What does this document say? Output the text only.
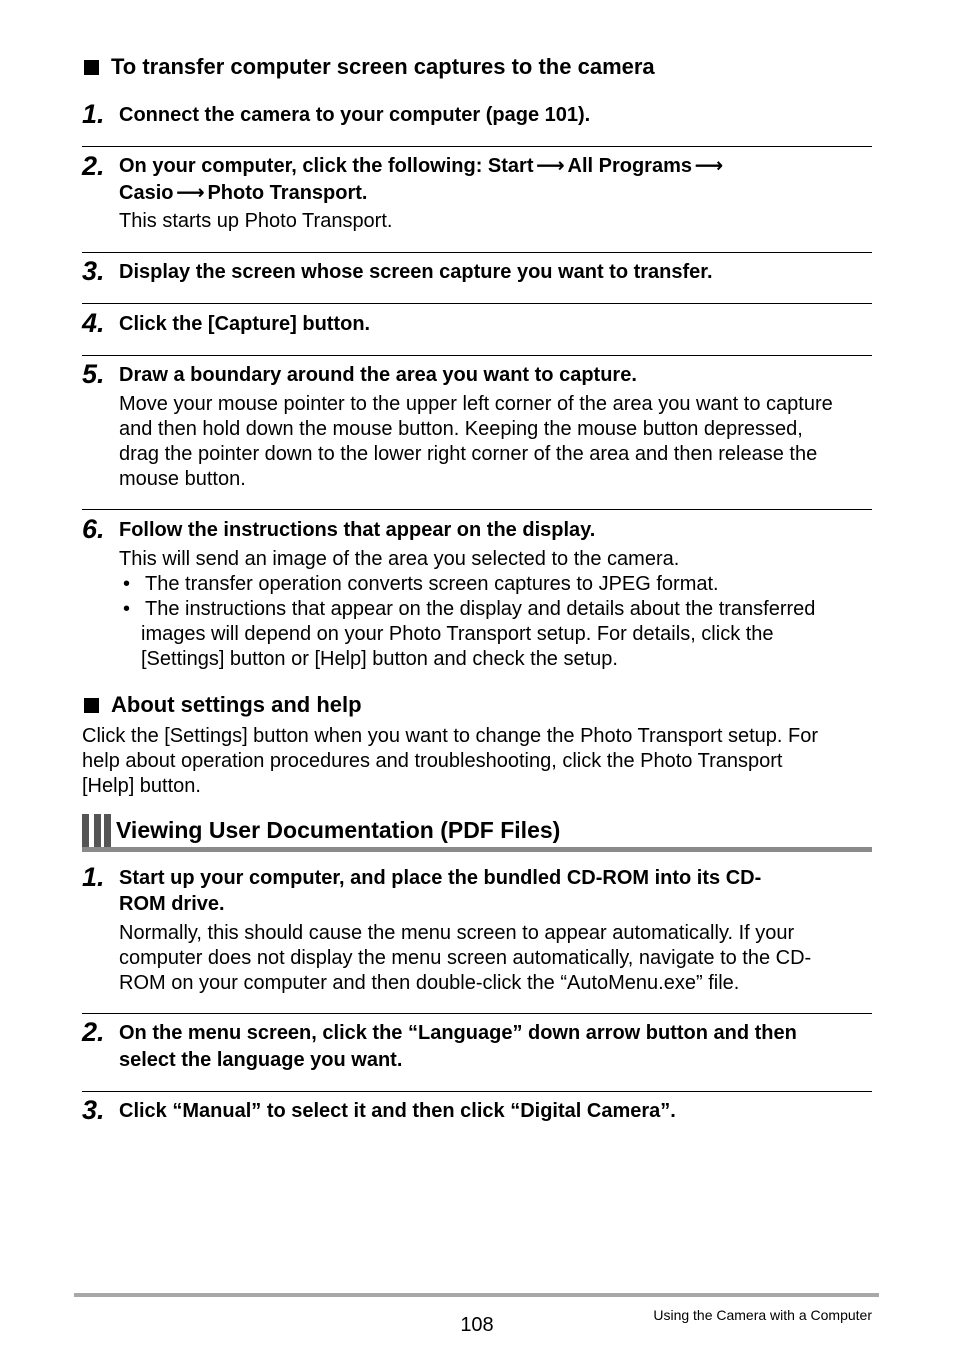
To transfer computer screen captures to the camera
1. Connect the camera to your computer (page 101).
2. On your computer, click the following: Start ⟶ All Programs ⟶
Casio ⟶ Photo Transport.
This starts up Photo Transport.
3. Display the screen whose screen capture you want to transfer.
4. Click the [Capture] button.
5. Draw a boundary around the area you want to capture.
Move your mouse pointer to the upper left corner of the area you want to capture
and then hold down the mouse button. Keeping the mouse button depressed,
drag the pointer down to the lower right corner of the area and then release the
mouse button.
6. Follow the instructions that appear on the display.
This will send an image of the area you selected to the camera.
• The transfer operation converts screen captures to JPEG format.
• The instructions that appear on the display and details about the transferred
images will depend on your Photo Transport setup. For details, click the
[Settings] button or [Help] button and check the setup.
About settings and help
Click the [Settings] button when you want to change the Photo Transport setup. For
help about operation procedures and troubleshooting, click the Photo Transport
[Help] button.
Viewing User Documentation (PDF Files)
1. Start up your computer, and place the bundled CD-ROM into its CD-
ROM drive.
Normally, this should cause the menu screen to appear automatically. If your
computer does not display the menu screen automatically, navigate to the CD-
ROM on your computer and then double-click the “AutoMenu.exe” file.
2. On the menu screen, click the “Language” down arrow button and then
select the language you want.
3. Click “Manual” to select it and then click “Digital Camera”.
108	Using the Camera with a Computer
